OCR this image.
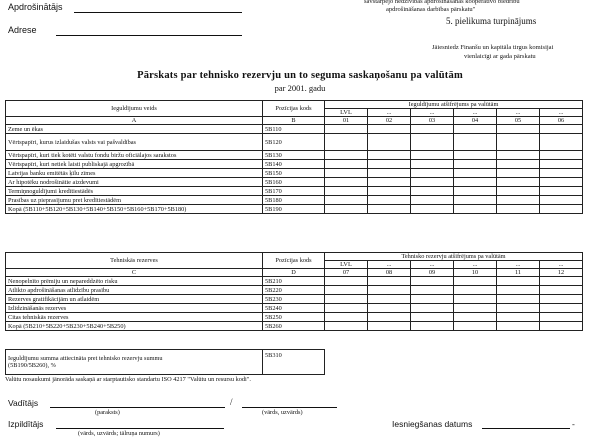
Apdrošinātājs
Adrese
savstarpējo nedzīvības apdrošināšanas kooperatīvo biedrību
apdrošināšanas darbības pārskatu"
5. pielikuma turpinājums
Jāiesniedz Finanšu un kapitāla tirgus komisijai
vienlaicīgi ar gada pārskatu
Pārskats par tehnisko rezervju un to seguma saskaņošanu pa valūtām
par 2001. gadu
Ieguldījumu veids	Pozīcijas kods	Ieguldījumu atšifrējums pa valūtām					
		LVL	...	...	...	...	...
A	B	01	02	03	04	05	06
Zeme un ēkas	5B110						
Vērtspapīri, kurus izlaidušas valsts vai pašvaldības	5B120						
Vērtspapīri, kuri tiek kotēti valstu fondu biržu oficiālajos sarakstos	5B130						
Vērtspapīri, kuri netiek laisti publiskajā apgrozībā	5B140						
Latvijas banku emitētās ķīlu zīmes	5B150						
Ar hipotēku nodrošinātie aizdevumi	5B160						
Termiņnoguldījumi kredītiestādēs	5B170						
Prasības uz pieprasījumu pret kredītiestādēm	5B180						
Kopā (5B110+5B120+5B130+5B140+5B150+5B160+5B170+5B180)	5B190						
Tehniskās rezerves	Pozīcijas kods	Tehnisko rezervju atšifrējums pa valūtām					
		LVL	...	...	...	...	...
C	D	07	08	09	10	11	12
Nenopelnīto prēmiju un nepareddzēto risku	5B210						
Atlikto apdrošināšanas atlīdzību prasību	5B220						
Rezerves gratifikācijām un atlaidēm	5B230						
Izlīdzināšanās rezerves	5B240						
Citas tehniskās rezerves	5B250						
Kopā (5B210+5B220+5B230+5B240+5B250)	5B260						
Ieguldījumu summa attiecināta pret tehnisko rezervju summu
(5B190/5B260), %
	5B310
Valūtu nosaukumi jānorāda saskaņā ar starptautisko standartu ISO 4217 "Valūtu un resursu kodi".
Vadītājs	/
(paraksts)	(vārds, uzvārds)
Izpildītājs
(vārds, uzvārds; tālruņa numurs)
Iesniegšanas datums	-
